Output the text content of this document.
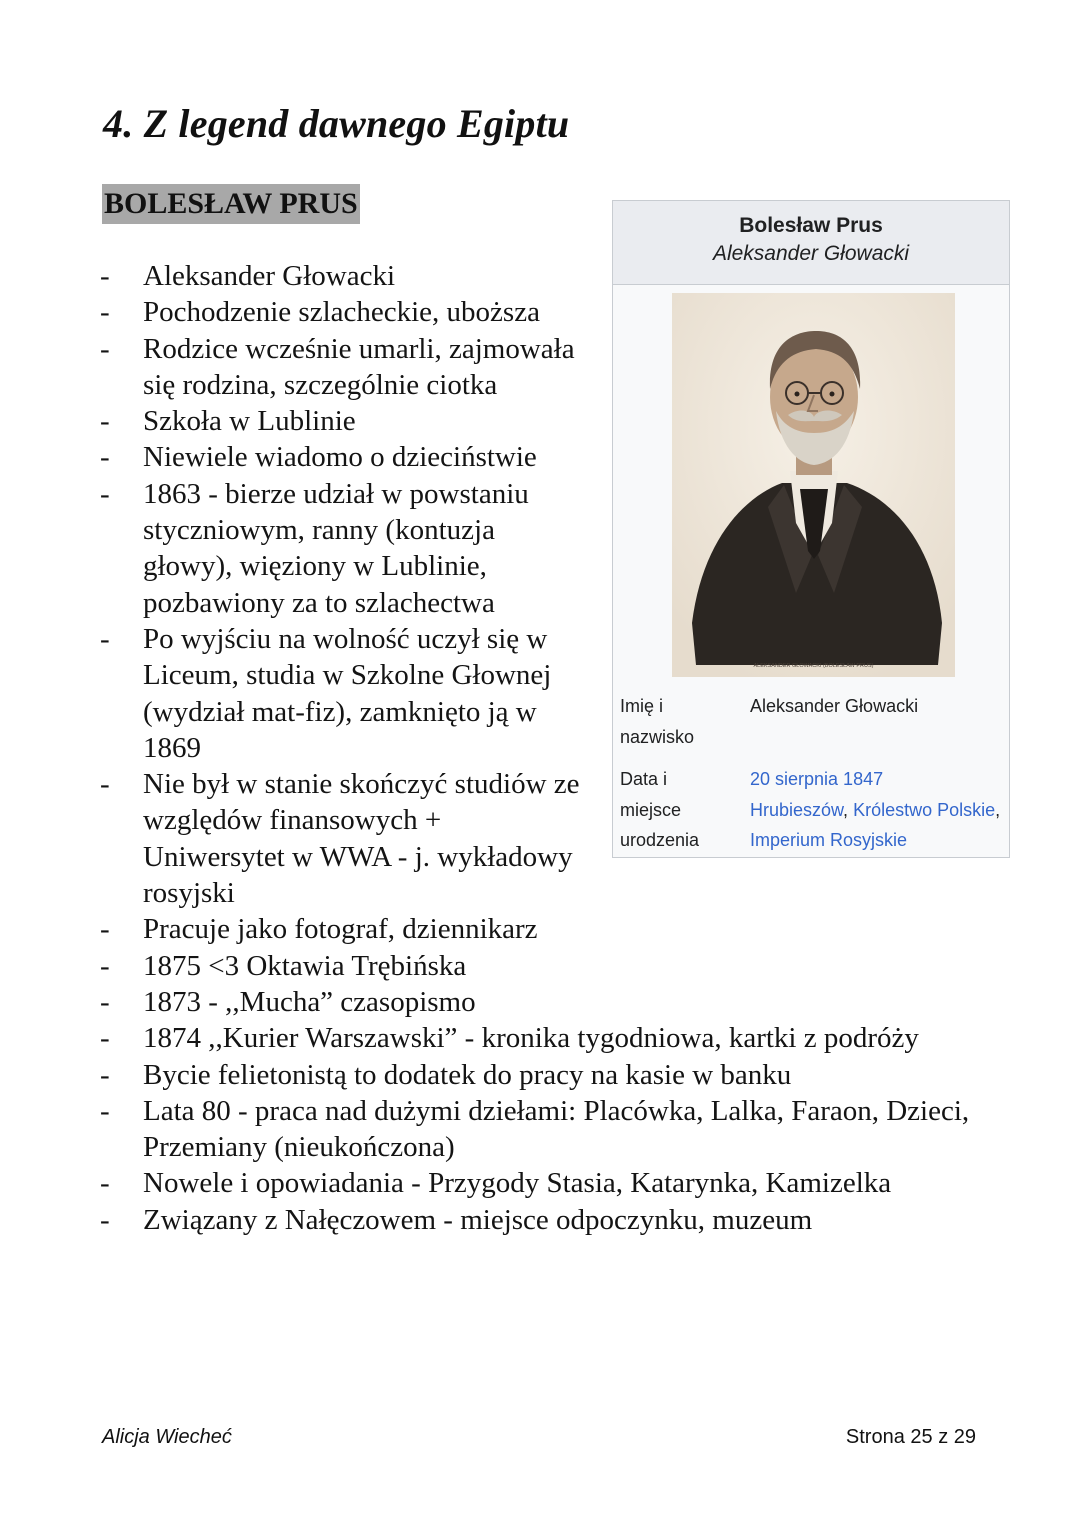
4. Z legend dawnego Egiptu
BOLESŁAW PRUS
- Aleksander Głowacki
- Pochodzenie szlacheckie, uboższa
- Rodzice wcześnie umarli, zajmowała się rodzina, szczególnie ciotka
- Szkoła w Lublinie
- Niewiele wiadomo o dzieciństwie
- 1863 - bierze udział w powstaniu styczniowym, ranny (kontuzja głowy), więziony w Lublinie, pozbawiony za to szlachectwa
- Po wyjściu na wolność uczył się w Liceum, studia w Szkolne Głownej (wydział mat-fiz), zamknięto ją w 1869
- Nie był w stanie skończyć studiów ze względów finansowych + Uniwersytet w WWA - j. wykładowy rosyjski
- Pracuje jako fotograf, dziennikarz
- 1875 <3 Oktawia Trębińska
- 1873 - ,,Mucha” czasopismo
- 1874 ,,Kurier Warszawski” - kronika tygodniowa, kartki z podróży
- Bycie felietonistą to dodatek do pracy na kasie w banku
- Lata 80 - praca nad dużymi dziełami: Placówka, Lalka, Faraon, Dzieci, Przemiany (nieukończona)
- Nowele i opowiadania - Przygody Stasia, Katarynka, Kamizelka
- Związany z Nałęczowem - miejsce odpoczynku, muzeum
Bolesław Prus
Aleksander Głowacki
ALEKSANDER GŁOWACKI (BOLESŁAW PRUS)
Imię i nazwisko
Aleksander Głowacki
Data i miejsce urodzenia
20 sierpnia 1847
Hrubieszów, Królestwo Polskie, Imperium Rosyjskie
Alicja Wiecheć	Strona 25 z 29
